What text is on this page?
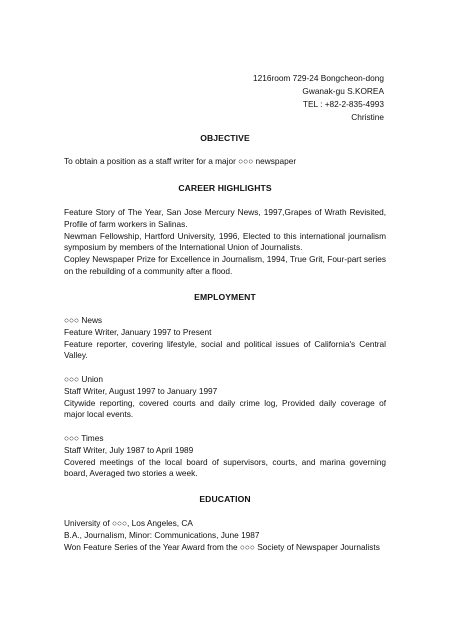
1216room 729-24 Bongcheon-dong
Gwanak-gu S.KOREA
TEL : +82-2-835-4993
Christine
OBJECTIVE

To obtain a position as a staff writer for a major ○○○ newspaper

CAREER HIGHLIGHTS

Feature Story of The Year, San Jose Mercury News, 1997,Grapes of Wrath Revisited, Profile of farm workers in Salinas.

Newman Fellowship, Hartford University, 1996, Elected to this international journalism symposium by members of the International Union of Journalists.

Copley Newspaper Prize for Excellence in Journalism, 1994, True Grit, Four-part series on the rebuilding of a community after a flood.

EMPLOYMENT

○○○ News

Feature Writer, January 1997 to Present

Feature reporter, covering lifestyle, social and political issues of California's Central Valley.

○○○ Union

Staff Writer, August 1997 to January 1997

Citywide reporting, covered courts and daily crime log, Provided daily coverage of major local events.

○○○ Times

Staff Writer, July 1987 to April 1989

Covered meetings of the local board of supervisors, courts, and marina governing board, Averaged two stories a week.

EDUCATION

University of ○○○, Los Angeles, CA

B.A., Journalism, Minor: Communications, June 1987

Won Feature Series of the Year Award from the ○○○ Society of Newspaper Journalists
